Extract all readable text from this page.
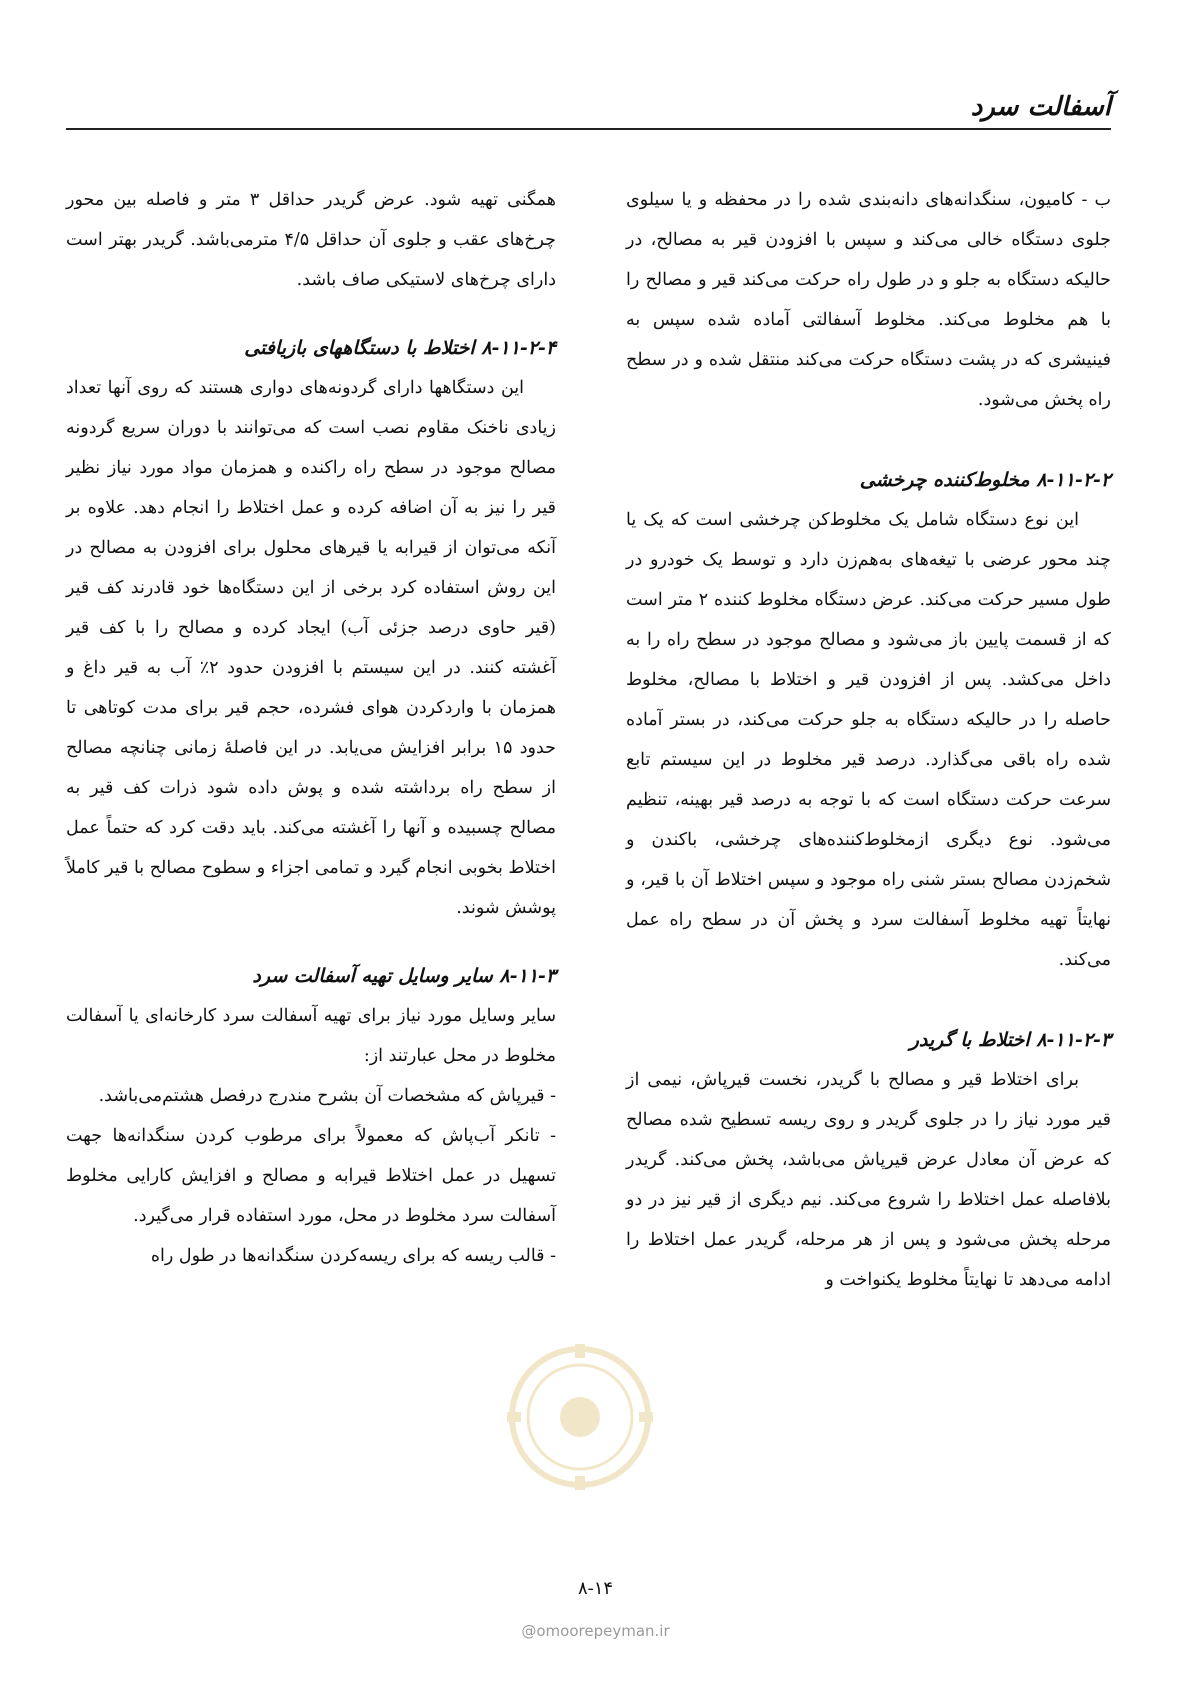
آسفالت سرد

ب - کامیون، سنگدانه‌های دانه‌بندی شده را در محفظه و یا سیلوی جلوی دستگاه خالی می‌کند و سپس با افزودن قیر به مصالح، در حالیکه دستگاه به جلو و در طول راه حرکت می‌کند قیر و مصالح را با هم مخلوط می‌کند. مخلوط آسفالتی آماده شده سپس به فینیشری که در پشت دستگاه حرکت می‌کند منتقل شده و در سطح راه پخش می‌شود.

۸-۱۱-۲-۲ مخلوط‌کننده چرخشی

این نوع دستگاه شامل یک مخلوط‌کن چرخشی است که یک یا چند محور عرضی با تیغه‌های به‌هم‌زن دارد و توسط یک خودرو در طول مسیر حرکت می‌کند. عرض دستگاه مخلوط کننده ۲ متر است که از قسمت پایین باز می‌شود و مصالح موجود در سطح راه را به داخل می‌کشد. پس از افزودن قیر و اختلاط با مصالح، مخلوط حاصله را در حالیکه دستگاه به جلو حرکت می‌کند، در بستر آماده شده راه باقی می‌گذارد. درصد قیر مخلوط در این سیستم تابع سرعت حرکت دستگاه است که با توجه به درصد قیر بهینه، تنظیم می‌شود. نوع دیگری ازمخلوط‌کننده‌های چرخشی، باکندن و شخم‌زدن مصالح بستر شنی راه موجود و سپس اختلاط آن با قیر، و نهایتاً تهیه مخلوط آسفالت سرد و پخش آن در سطح راه عمل می‌کند.

۸-۱۱-۲-۳ اختلاط با گریدر

برای اختلاط قیر و مصالح با گریدر، نخست قیرپاش، نیمی از قیر مورد نیاز را در جلوی گریدر و روی ریسه تسطیح شده مصالح که عرض آن معادل عرض قیرپاش می‌باشد، پخش می‌کند. گریدر بلافاصله عمل اختلاط را شروع می‌کند. نیم دیگری از قیر نیز در دو مرحله پخش می‌شود و پس از هر مرحله، گریدر عمل اختلاط را ادامه می‌دهد تا نهایتاً مخلوط یکنواخت و

همگنی تهیه شود. عرض گریدر حداقل ۳ متر و فاصله بین محور چرخ‌های عقب و جلوی آن حداقل ۴/۵ مترمی‌باشد. گریدر بهتر است دارای چرخ‌های لاستیکی صاف باشد.

۸-۱۱-۲-۴ اختلاط با دستگاههای بازیافتی

این دستگاهها دارای گردونه‌های دواری هستند که روی آنها تعداد زیادی ناخنک مقاوم نصب است که می‌توانند با دوران سریع گردونه مصالح موجود در سطح راه راکنده و همزمان مواد مورد نیاز نظیر قیر را نیز به آن اضافه کرده و عمل اختلاط را انجام دهد. علاوه بر آنکه می‌توان از قیرابه یا قیرهای محلول برای افزودن به مصالح در این روش استفاده کرد برخی از این دستگاه‌ها خود قادرند کف قیر (قیر حاوی درصد جزئی آب) ایجاد کرده و مصالح را با کف قیر آغشته کنند. در این سیستم با افزودن حدود ۲٪ آب به قیر داغ و همزمان با واردکردن هوای فشرده، حجم قیر برای مدت کوتاهی تا حدود ۱۵ برابر افزایش می‌یابد. در این فاصلهٔ زمانی چنانچه مصالح از سطح راه برداشته شده و پوش داده شود ذرات کف قیر به مصالح چسبیده و آنها را آغشته می‌کند. باید دقت کرد که حتماً عمل اختلاط بخوبی انجام گیرد و تمامی اجزاء و سطوح مصالح با قیر کاملاً پوشش شوند.

۸-۱۱-۳ سایر وسایل تهیه آسفالت سرد

سایر وسایل مورد نیاز برای تهیه آسفالت سرد کارخانه‌ای یا آسفالت مخلوط در محل عبارتند از:

- قیرپاش که مشخصات آن بشرح مندرج درفصل هشتم‌می‌باشد.

- تانکر آب‌پاش که معمولاً برای مرطوب کردن سنگدانه‌ها جهت تسهیل در عمل اختلاط قیرابه و مصالح و افزایش کارایی مخلوط آسفالت سرد مخلوط در محل، مورد استفاده قرار می‌گیرد.

- قالب ریسه که برای ریسه‌کردن سنگدانه‌ها در طول راه

۸-۱۴
@omoorepeyman.ir
